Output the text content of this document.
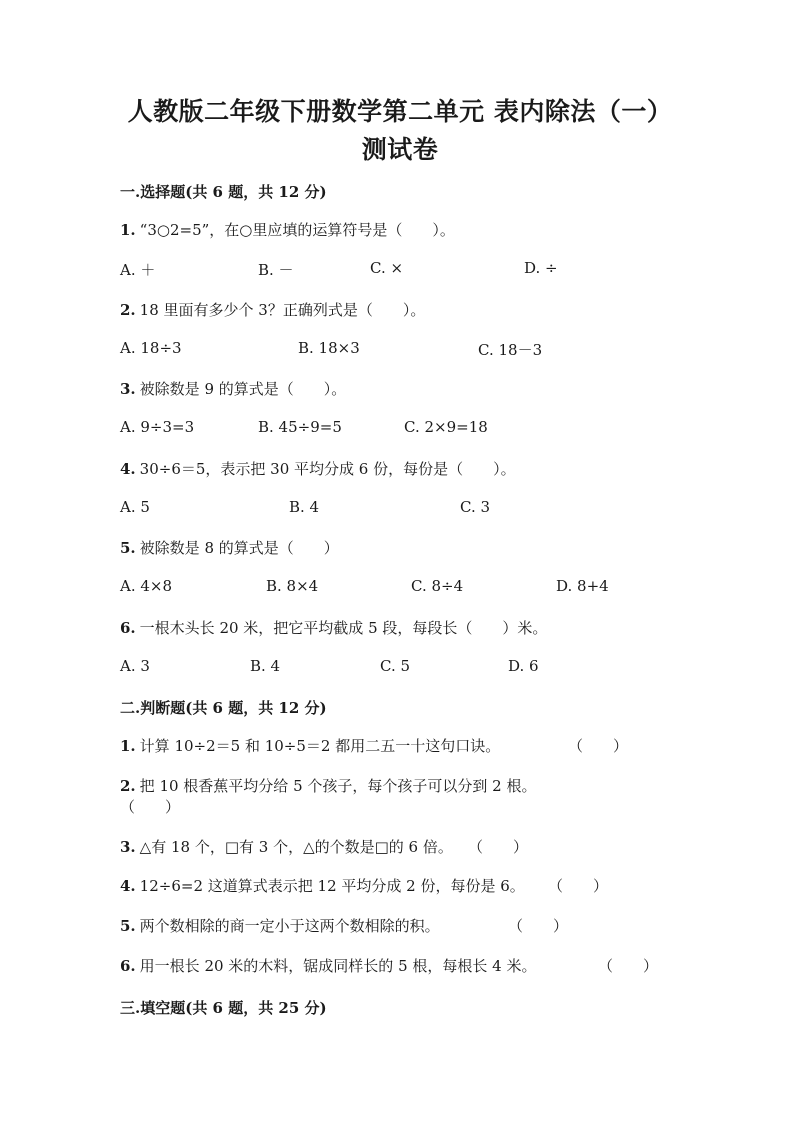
人教版二年级下册数学第二单元 表内除法（一）
测试卷
一.选择题(共 6 题，共 12 分)
1. “3○2=5”，在○里应填的运算符号是（　　）。
A. ＋	B. －	C. ×	D. ÷
2. 18 里面有多少个 3？正确列式是（　　）。
A. 18÷3	B. 18×3	C. 18－3
3. 被除数是 9 的算式是（　　）。
A. 9÷3=3	B. 45÷9=5	C. 2×9=18
4. 30÷6＝5，表示把 30 平均分成 6 份，每份是（　　）。
A. 5	B. 4	C. 3
5. 被除数是 8 的算式是（　　）
A. 4×8	B. 8×4	C. 8÷4	D. 8+4
6. 一根木头长 20 米，把它平均截成 5 段，每段长（　　）米。
A. 3	B. 4	C. 5	D. 6
二.判断题(共 6 题，共 12 分)
1. 计算 10÷2＝5 和 10÷5＝2 都用二五一十这句口诀。	（　　）
2. 把 10 根香蕉平均分给 5 个孩子，每个孩子可以分到 2 根。
（　　）
3. △有 18 个，□有 3 个，△的个数是□的 6 倍。 （　　）
4. 12÷6=2 这道算式表示把 12 平均分成 2 份，每份是 6。 （　　）
5. 两个数相除的商一定小于这两个数相除的积。	（　　）
6. 用一根长 20 米的木料，锯成同样长的 5 根，每根长 4 米。	（　　）
三.填空题(共 6 题，共 25 分)
